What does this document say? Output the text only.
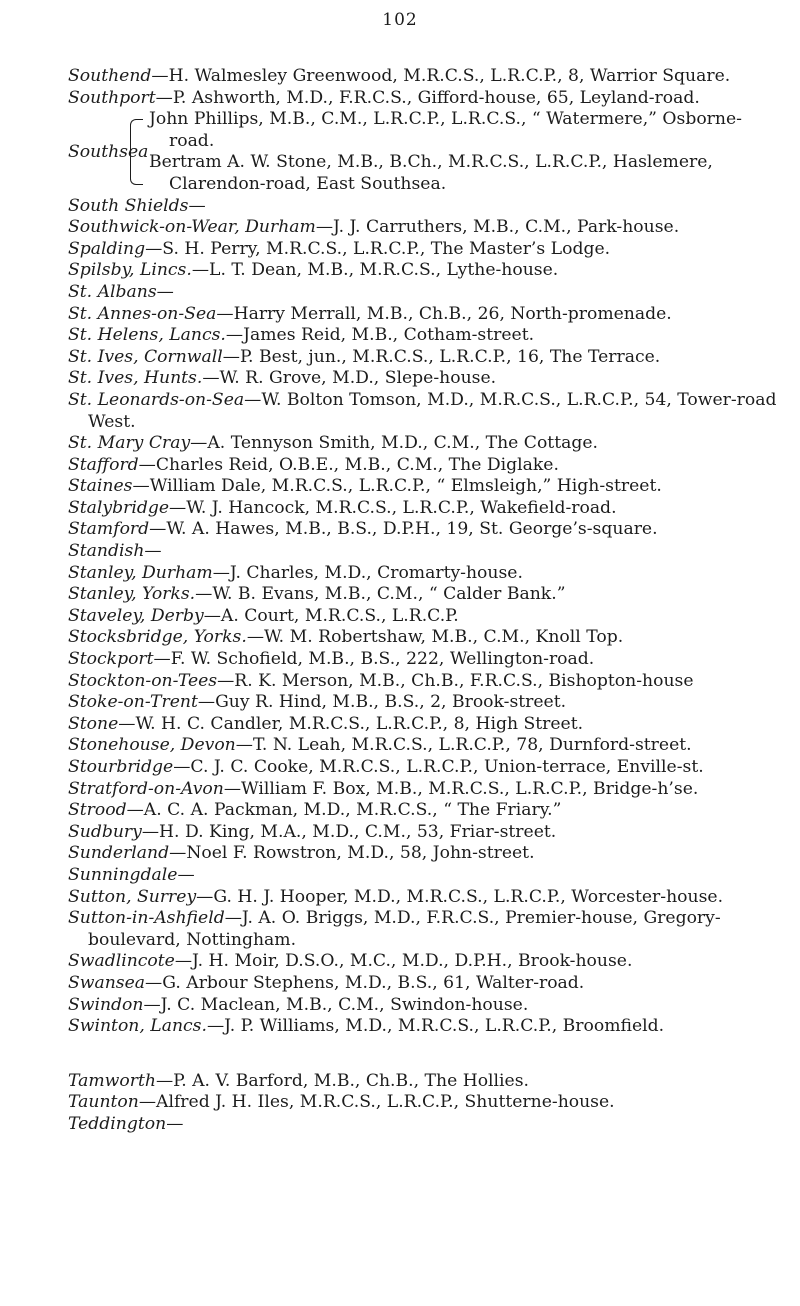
102

Southend—H. Walmesley Greenwood, M.R.C.S., L.R.C.P., 8, Warrior Square.

Southport—P. Ashworth, M.D., F.R.C.S., Gifford-house, 65, Leyland-road.

Southsea

John Phillips, M.B., C.M., L.R.C.P., L.R.C.S., “ Watermere,” Osborne-road.

Bertram A. W. Stone, M.B., B.Ch., M.R.C.S., L.R.C.P., Haslemere, Clarendon-road, East Southsea.

South Shields—

Southwick-on-Wear, Durham—J. J. Carruthers, M.B., C.M., Park-house.

Spalding—S. H. Perry, M.R.C.S., L.R.C.P., The Master’s Lodge.

Spilsby, Lincs.—L. T. Dean, M.B., M.R.C.S., Lythe-house.

St. Albans—

St. Annes-on-Sea—Harry Merrall, M.B., Ch.B., 26, North-promenade.

St. Helens, Lancs.—James Reid, M.B., Cotham-street.

St. Ives, Cornwall—P. Best, jun., M.R.C.S., L.R.C.P., 16, The Terrace.

St. Ives, Hunts.—W. R. Grove, M.D., Slepe-house.

St. Leonards-on-Sea—W. Bolton Tomson, M.D., M.R.C.S., L.R.C.P., 54, Tower-road West.

St. Mary Cray—A. Tennyson Smith, M.D., C.M., The Cottage.

Stafford—Charles Reid, O.B.E., M.B., C.M., The Diglake.

Staines—William Dale, M.R.C.S., L.R.C.P., “ Elmsleigh,” High-street.

Stalybridge—W. J. Hancock, M.R.C.S., L.R.C.P., Wakefield-road.

Stamford—W. A. Hawes, M.B., B.S., D.P.H., 19, St. George’s-square.

Standish—

Stanley, Durham—J. Charles, M.D., Cromarty-house.

Stanley, Yorks.—W. B. Evans, M.B., C.M., “ Calder Bank.”

Staveley, Derby—A. Court, M.R.C.S., L.R.C.P.

Stocksbridge, Yorks.—W. M. Robertshaw, M.B., C.M., Knoll Top.

Stockport—F. W. Schofield, M.B., B.S., 222, Wellington-road.

Stockton-on-Tees—R. K. Merson, M.B., Ch.B., F.R.C.S., Bishopton-house

Stoke-on-Trent—Guy R. Hind, M.B., B.S., 2, Brook-street.

Stone—W. H. C. Candler, M.R.C.S., L.R.C.P., 8, High Street.

Stonehouse, Devon—T. N. Leah, M.R.C.S., L.R.C.P., 78, Durnford-street.

Stourbridge—C. J. C. Cooke, M.R.C.S., L.R.C.P., Union-terrace, Enville-st.

Stratford-on-Avon—William F. Box, M.B., M.R.C.S., L.R.C.P., Bridge-h’se.

Strood—A. C. A. Packman, M.D., M.R.C.S., “ The Friary.”

Sudbury—H. D. King, M.A., M.D., C.M., 53, Friar-street.

Sunderland—Noel F. Rowstron, M.D., 58, John-street.

Sunningdale—

Sutton, Surrey—G. H. J. Hooper, M.D., M.R.C.S., L.R.C.P., Worcester-house.

Sutton-in-Ashfield—J. A. O. Briggs, M.D., F.R.C.S., Premier-house, Gregory-boulevard, Nottingham.

Swadlincote—J. H. Moir, D.S.O., M.C., M.D., D.P.H., Brook-house.

Swansea—G. Arbour Stephens, M.D., B.S., 61, Walter-road.

Swindon—J. C. Maclean, M.B., C.M., Swindon-house.

Swinton, Lancs.—J. P. Williams, M.D., M.R.C.S., L.R.C.P., Broomfield.

Tamworth—P. A. V. Barford, M.B., Ch.B., The Hollies.

Taunton—Alfred J. H. Iles, M.R.C.S., L.R.C.P., Shutterne-house.

Teddington—
